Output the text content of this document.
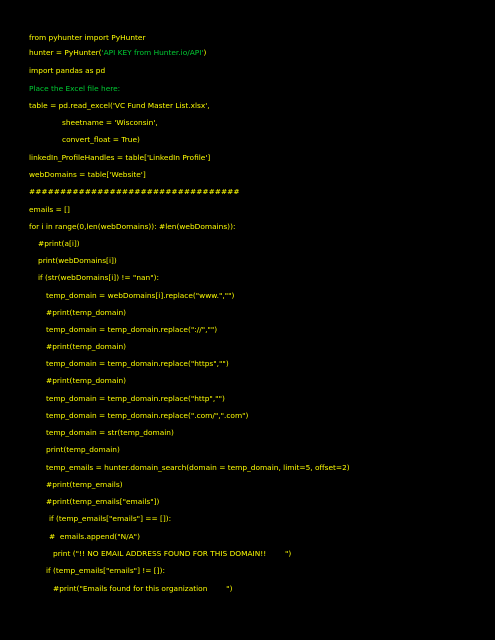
from pyhunter import PyHunter
hunter = PyHunter('API KEY from Hunter.io/API')
import pandas as pd
Place the Excel file here:
table = pd.read_excel('VC Fund Master List.xlsx',
sheetname = 'Wisconsin',
convert_float = True)
linkedIn_ProfileHandles = table['LinkedIn Profile']
webDomains = table['Website']
##################################
emails = []
for i in range(0,len(webDomains)): #len(webDomains)):
#print(a[i])
print(webDomains[i])
if (str(webDomains[i]) != "nan"):
temp_domain = webDomains[i].replace("www.","")
#print(temp_domain)
temp_domain = temp_domain.replace("://","")
#print(temp_domain)
temp_domain = temp_domain.replace("https","")
#print(temp_domain)
temp_domain = temp_domain.replace("http","")
temp_domain = temp_domain.replace(".com/",".com")
temp_domain = str(temp_domain)
print(temp_domain)
temp_emails = hunter.domain_search(domain = temp_domain, limit=5, offset=2)
#print(temp_emails)
#print(temp_emails["emails"])
if (temp_emails["emails"] == []):
#  emails.append("N/A")
print ("!! NO EMAIL ADDRESS FOUND FOR THIS DOMAIN!!        ")
if (temp_emails["emails"] != []):
#print("Emails found for this organization        ")
